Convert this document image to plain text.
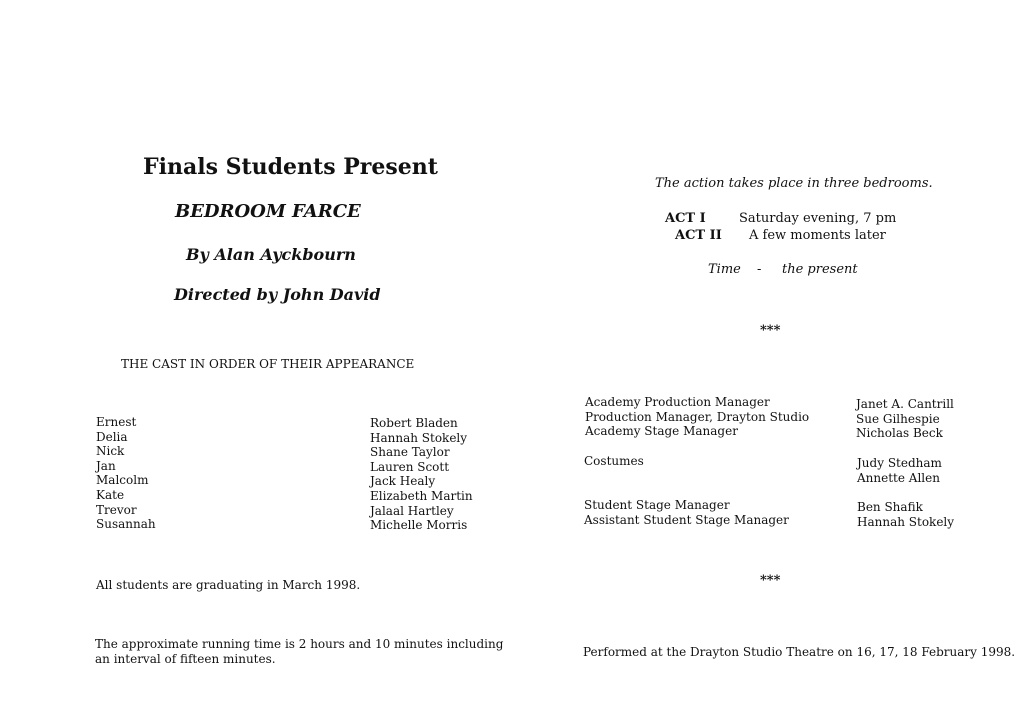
Finals Students Present
BEDROOM FARCE
By Alan Ayckbourn
Directed by John David
THE CAST IN ORDER OF THEIR APPEARANCE
Ernest
Delia
Nick
Jan
Malcolm
Kate
Trevor
Susannah
Robert Bladen
Hannah Stokely
Shane Taylor
Lauren Scott
Jack Healy
Elizabeth Martin
Jalaal Hartley
Michelle Morris
All students are graduating in March 1998.
The approximate running time is 2 hours and 10 minutes including
an interval of fifteen minutes.
The action takes place in three bedrooms.
ACT I	Saturday evening, 7 pm
ACT II A few moments later
Time - the present
***
Academy Production Manager
Production Manager, Drayton Studio
Academy Stage Manager
Janet A. Cantrill
Sue Gilhespie
Nicholas Beck
Costumes	Judy Stedham
Annette Allen
Student Stage Manager
Assistant Student Stage Manager
Ben Shafik
Hannah Stokely
***
Performed at the Drayton Studio Theatre on 16, 17, 18 February 1998.
